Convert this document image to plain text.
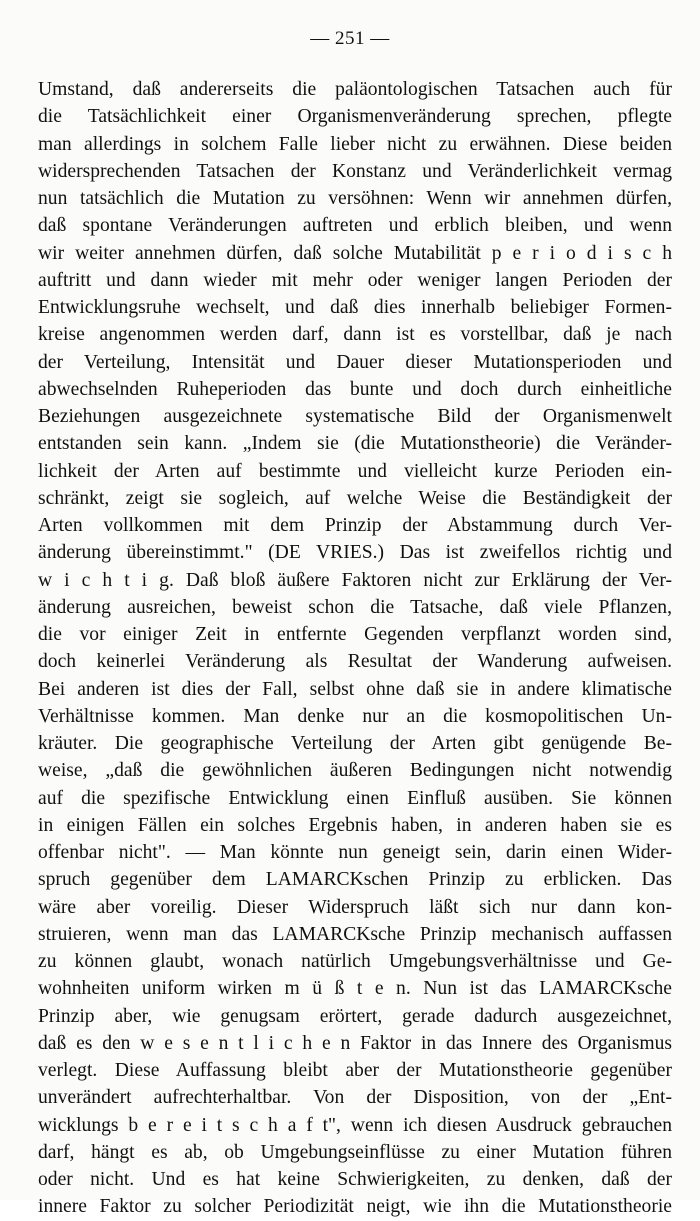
— 251 —
Umstand, daß andererseits die paläontologischen Tatsachen auch für
die Tatsächlichkeit einer Organismenveränderung sprechen, pflegte
man allerdings in solchem Falle lieber nicht zu erwähnen. Diese beiden
widersprechenden Tatsachen der Konstanz und Veränderlichkeit vermag
nun tatsächlich die Mutation zu versöhnen: Wenn wir annehmen dürfen,
daß spontane Veränderungen auftreten und erblich bleiben, und wenn
wir weiter annehmen dürfen, daß solche Mutabilität p e r i o d i s c h
auftritt und dann wieder mit mehr oder weniger langen Perioden der
Entwicklungsruhe wechselt, und daß dies innerhalb beliebiger Formen-
kreise angenommen werden darf, dann ist es vorstellbar, daß je nach
der Verteilung, Intensität und Dauer dieser Mutationsperioden und
abwechselnden Ruheperioden das bunte und doch durch einheitliche
Beziehungen ausgezeichnete systematische Bild der Organismenwelt
entstanden sein kann. „Indem sie (die Mutationstheorie) die Veränder-
lichkeit der Arten auf bestimmte und vielleicht kurze Perioden ein-
schränkt, zeigt sie sogleich, auf welche Weise die Beständigkeit der
Arten vollkommen mit dem Prinzip der Abstammung durch Ver-
änderung übereinstimmt." (DE VRIES.) Das ist zweifellos richtig und
w i c h t i g. Daß bloß äußere Faktoren nicht zur Erklärung der Ver-
änderung ausreichen, beweist schon die Tatsache, daß viele Pflanzen,
die vor einiger Zeit in entfernte Gegenden verpflanzt worden sind,
doch keinerlei Veränderung als Resultat der Wanderung aufweisen.
Bei anderen ist dies der Fall, selbst ohne daß sie in andere klimatische
Verhältnisse kommen. Man denke nur an die kosmopolitischen Un-
kräuter. Die geographische Verteilung der Arten gibt genügende Be-
weise, „daß die gewöhnlichen äußeren Bedingungen nicht notwendig
auf die spezifische Entwicklung einen Einfluß ausüben. Sie können
in einigen Fällen ein solches Ergebnis haben, in anderen haben sie es
offenbar nicht". — Man könnte nun geneigt sein, darin einen Wider-
spruch gegenüber dem LAMARCKschen Prinzip zu erblicken. Das
wäre aber voreilig. Dieser Widerspruch läßt sich nur dann kon-
struieren, wenn man das LAMARCKsche Prinzip mechanisch auffassen
zu können glaubt, wonach natürlich Umgebungsverhältnisse und Ge-
wohnheiten uniform wirken m ü ß t e n. Nun ist das LAMARCKsche
Prinzip aber, wie genugsam erörtert, gerade dadurch ausgezeichnet,
daß es den w e s e n t l i c h e n Faktor in das Innere des Organismus
verlegt. Diese Auffassung bleibt aber der Mutationstheorie gegenüber
unverändert aufrechterhaltbar. Von der Disposition, von der „Ent-
wicklungs b e r e i t s c h a f t", wenn ich diesen Ausdruck gebrauchen
darf, hängt es ab, ob Umgebungseinflüsse zu einer Mutation führen
oder nicht. Und es hat keine Schwierigkeiten, zu denken, daß der
innere Faktor zu solcher Periodizität neigt, wie ihn die Mutationstheorie
